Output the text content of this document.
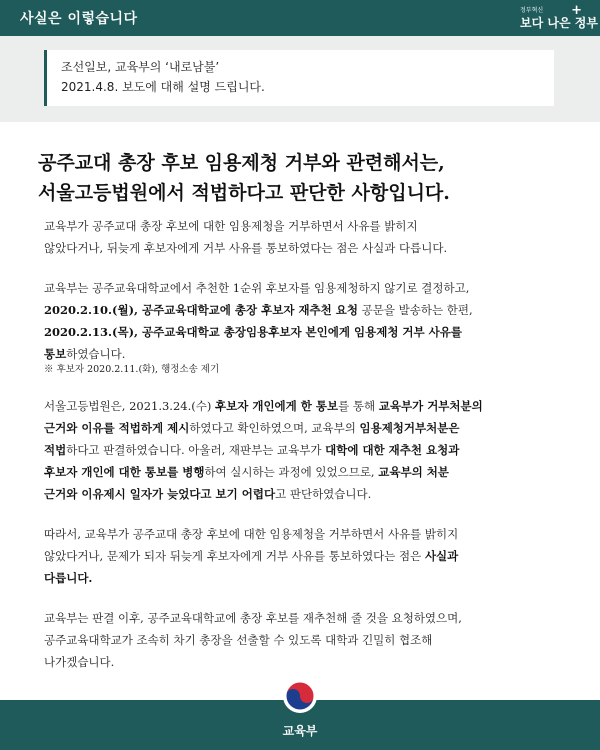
사실은 이렇습니다
정부혁신
보다 나은 정부
+
조선일보, 교육부의 ‘내로남불’
2021.4.8. 보도에 대해 설명 드립니다.
공주교대 총장 후보 임용제청 거부와 관련해서는,
서울고등법원에서 적법하다고 판단한 사항입니다.
교육부가 공주교대 총장 후보에 대한 임용제청을 거부하면서 사유를 밝히지
않았다거나, 뒤늦게 후보자에게 거부 사유를 통보하였다는 점은 사실과 다릅니다.
교육부는 공주교육대학교에서 추천한 1순위 후보자를 임용제청하지 않기로 결정하고,
2020.2.10.(월), 공주교육대학교에 총장 후보자 재추천 요청 공문을 발송하는 한편,
2020.2.13.(목), 공주교육대학교 총장임용후보자 본인에게 임용제청 거부 사유를
통보하였습니다.
※ 후보자 2020.2.11.(화), 행정소송 제기
서울고등법원은, 2021.3.24.(수) 후보자 개인에게 한 통보를 통해 교육부가 거부처분의
근거와 이유를 적법하게 제시하였다고 확인하였으며, 교육부의 임용제청거부처분은
적법하다고 판결하였습니다. 아울러, 재판부는 교육부가 대학에 대한 재추천 요청과
후보자 개인에 대한 통보를 병행하여 실시하는 과정에 있었으므로, 교육부의 처분
근거와 이유제시 일자가 늦었다고 보기 어렵다고 판단하였습니다.
따라서, 교육부가 공주교대 총장 후보에 대한 임용제청을 거부하면서 사유를 밝히지
않았다거나, 문제가 되자 뒤늦게 후보자에게 거부 사유를 통보하였다는 점은 사실과
다릅니다.
교육부는 판결 이후, 공주교육대학교에 총장 후보를 재추천해 줄 것을 요청하였으며,
공주교육대학교가 조속히 차기 총장을 선출할 수 있도록 대학과 긴밀히 협조해
나가겠습니다.
교육부
